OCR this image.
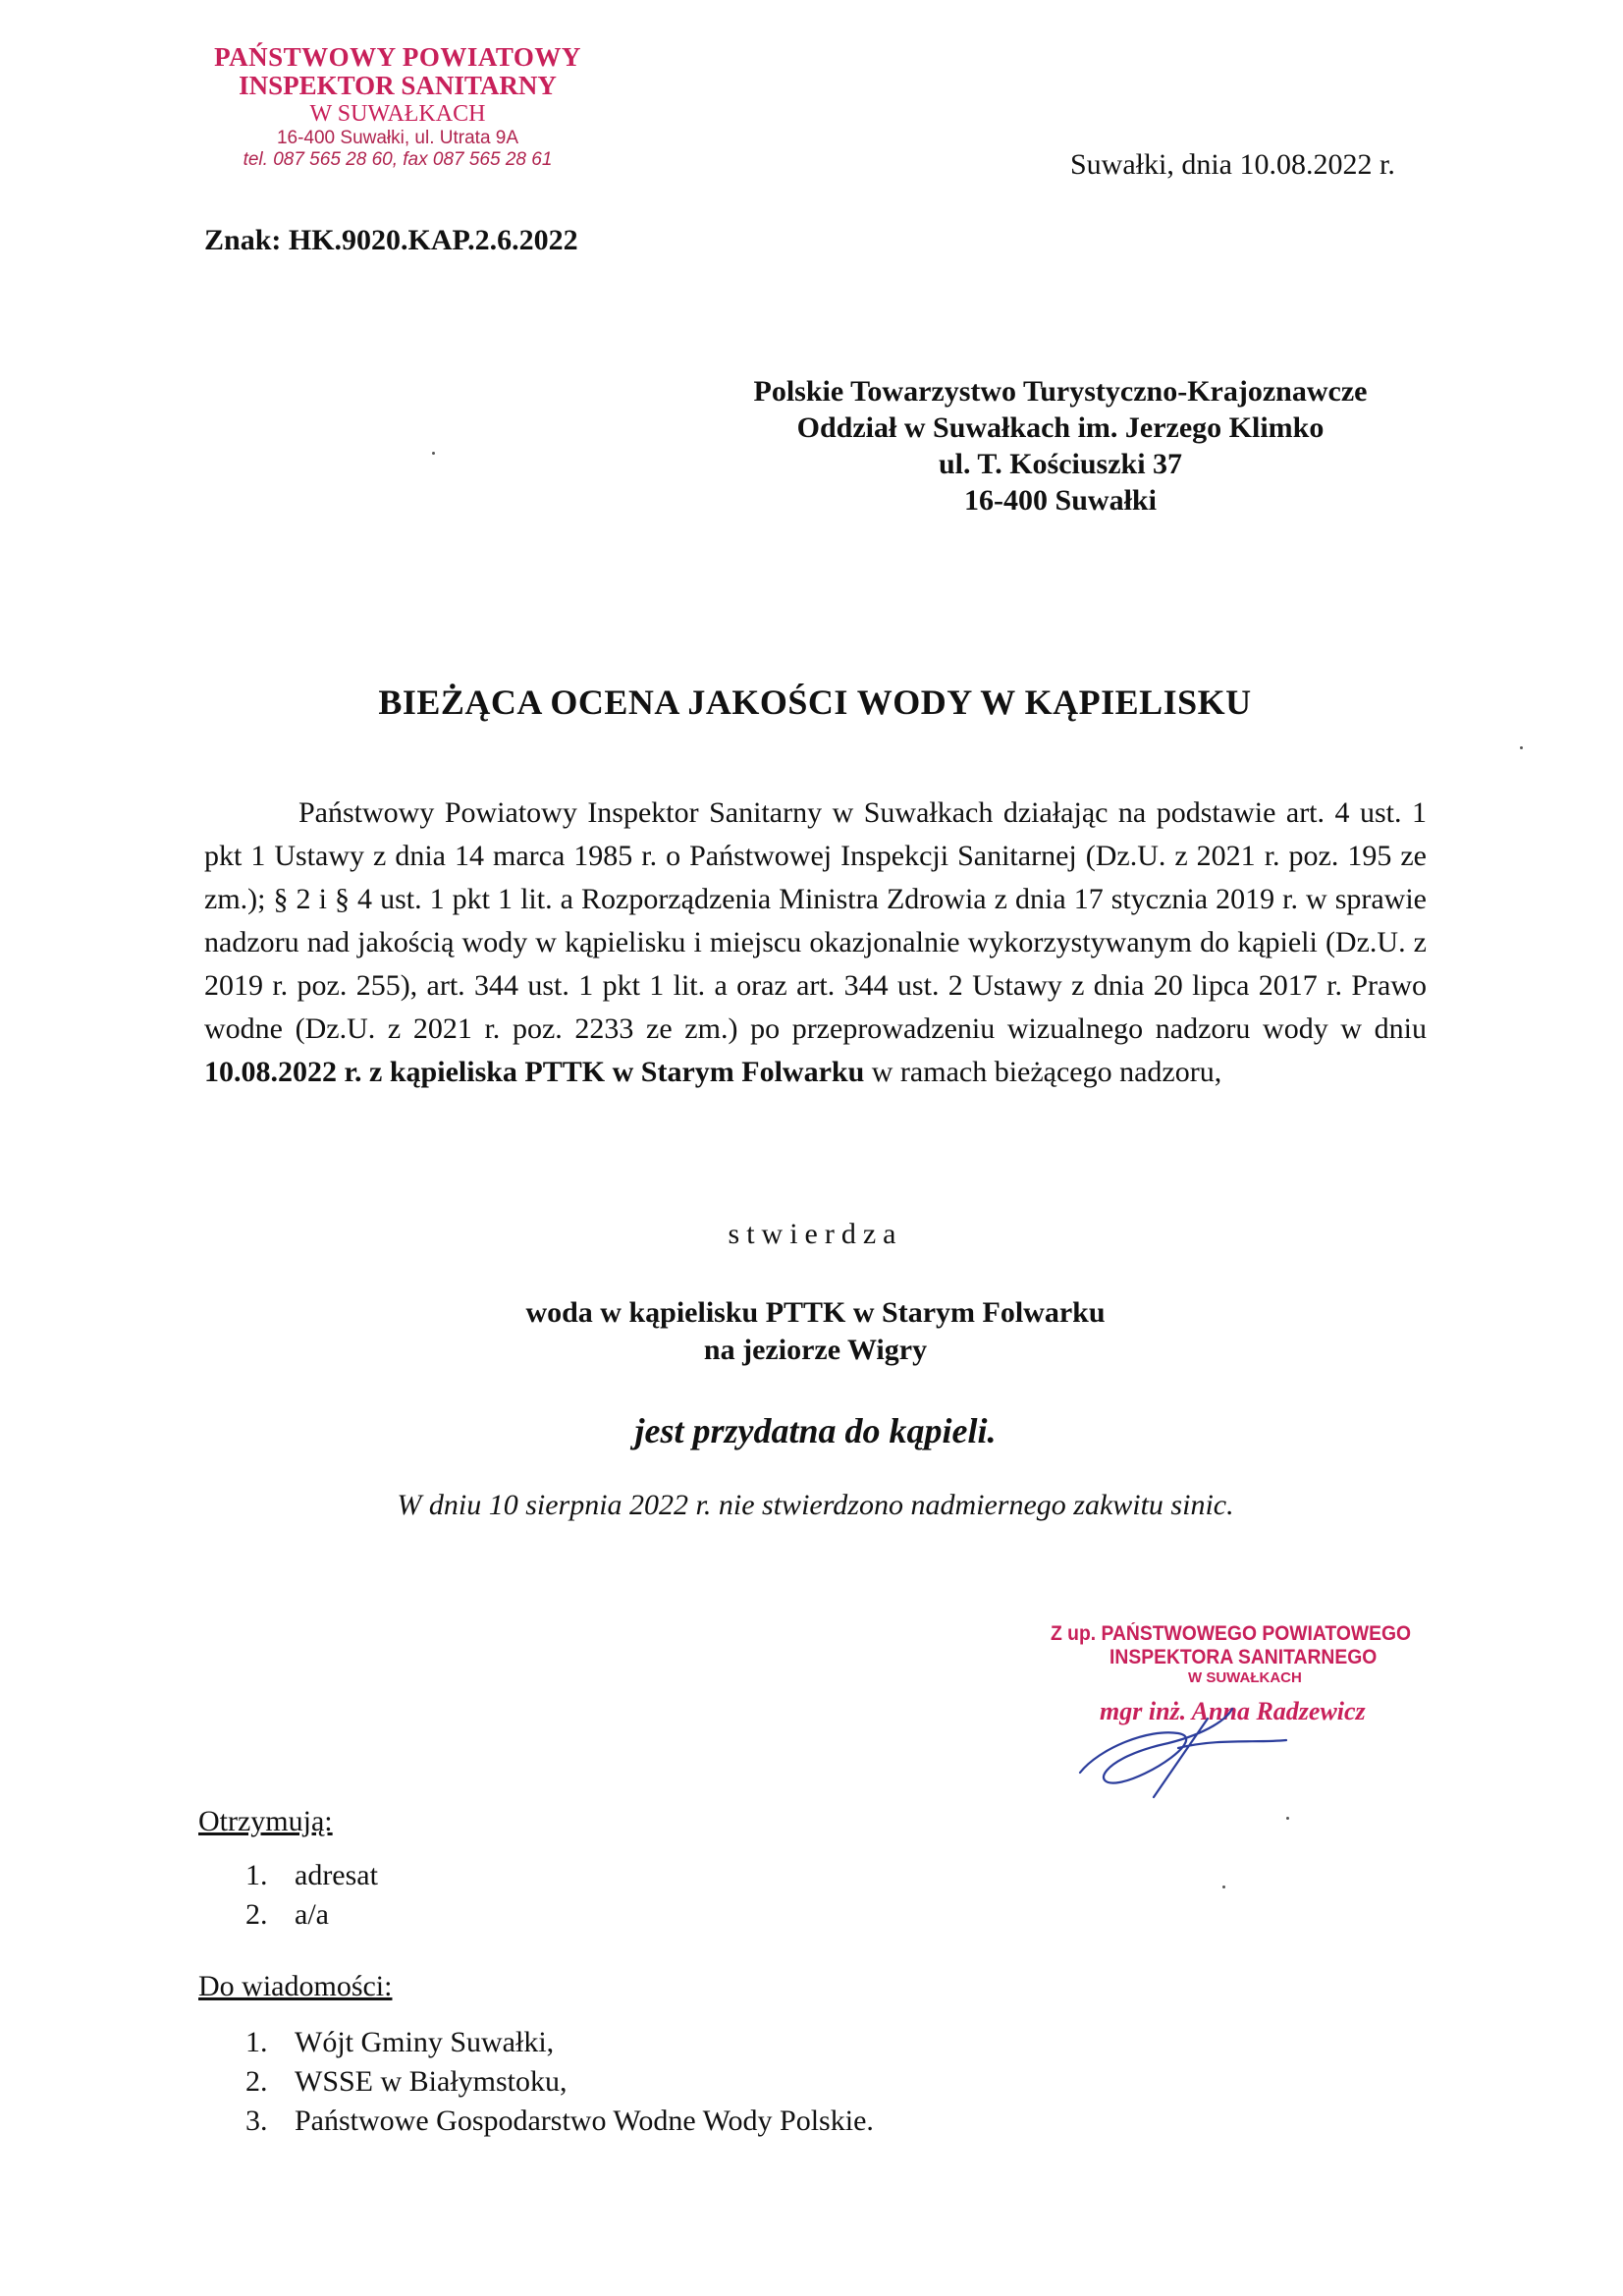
PAŃSTWOWY POWIATOWY
INSPEKTOR SANITARNY
W SUWAŁKACH
16-400 Suwałki, ul. Utrata 9A
tel. 087 565 28 60, fax 087 565 28 61	Suwałki, dnia 10.08.2022 r.
Znak: HK.9020.KAP.2.6.2022
Polskie Towarzystwo Turystyczno-Krajoznawcze
Oddział w Suwałkach im. Jerzego Klimko
ul. T. Kościuszki 37
16-400 Suwałki
BIEŻĄCA OCENA JAKOŚCI WODY W KĄPIELISKU
Państwowy Powiatowy Inspektor Sanitarny w Suwałkach działając na podstawie art. 4 ust. 1 pkt 1 Ustawy z dnia 14 marca 1985 r. o Państwowej Inspekcji Sanitarnej (Dz.U. z 2021 r. poz. 195 ze zm.); § 2 i § 4 ust. 1 pkt 1 lit. a Rozporządzenia Ministra Zdrowia z dnia 17 stycznia 2019 r. w sprawie nadzoru nad jakością wody w kąpielisku i miejscu okazjonalnie wykorzystywanym do kąpieli (Dz.U. z 2019 r. poz. 255), art. 344 ust. 1 pkt 1 lit. a oraz art. 344 ust. 2 Ustawy z dnia 20 lipca 2017 r. Prawo wodne (Dz.U. z 2021 r. poz. 2233 ze zm.) po przeprowadzeniu wizualnego nadzoru wody w dniu 10.08.2022 r. z kąpieliska PTTK w Starym Folwarku w ramach bieżącego nadzoru,
stwierdza
woda w kąpielisku PTTK w Starym Folwarku
na jeziorze Wigry
jest przydatna do kąpieli.
W dniu 10 sierpnia 2022 r. nie stwierdzono nadmiernego zakwitu sinic.
Z up. PAŃSTWOWEGO POWIATOWEGO
INSPEKTORA SANITARNEGO
W SUWAŁKACH
mgr inż. Anna Radzewicz
Otrzymują:
1. adresat
2. a/a
Do wiadomości:
1. Wójt Gminy Suwałki,
2. WSSE w Białymstoku,
3. Państwowe Gospodarstwo Wodne Wody Polskie.
